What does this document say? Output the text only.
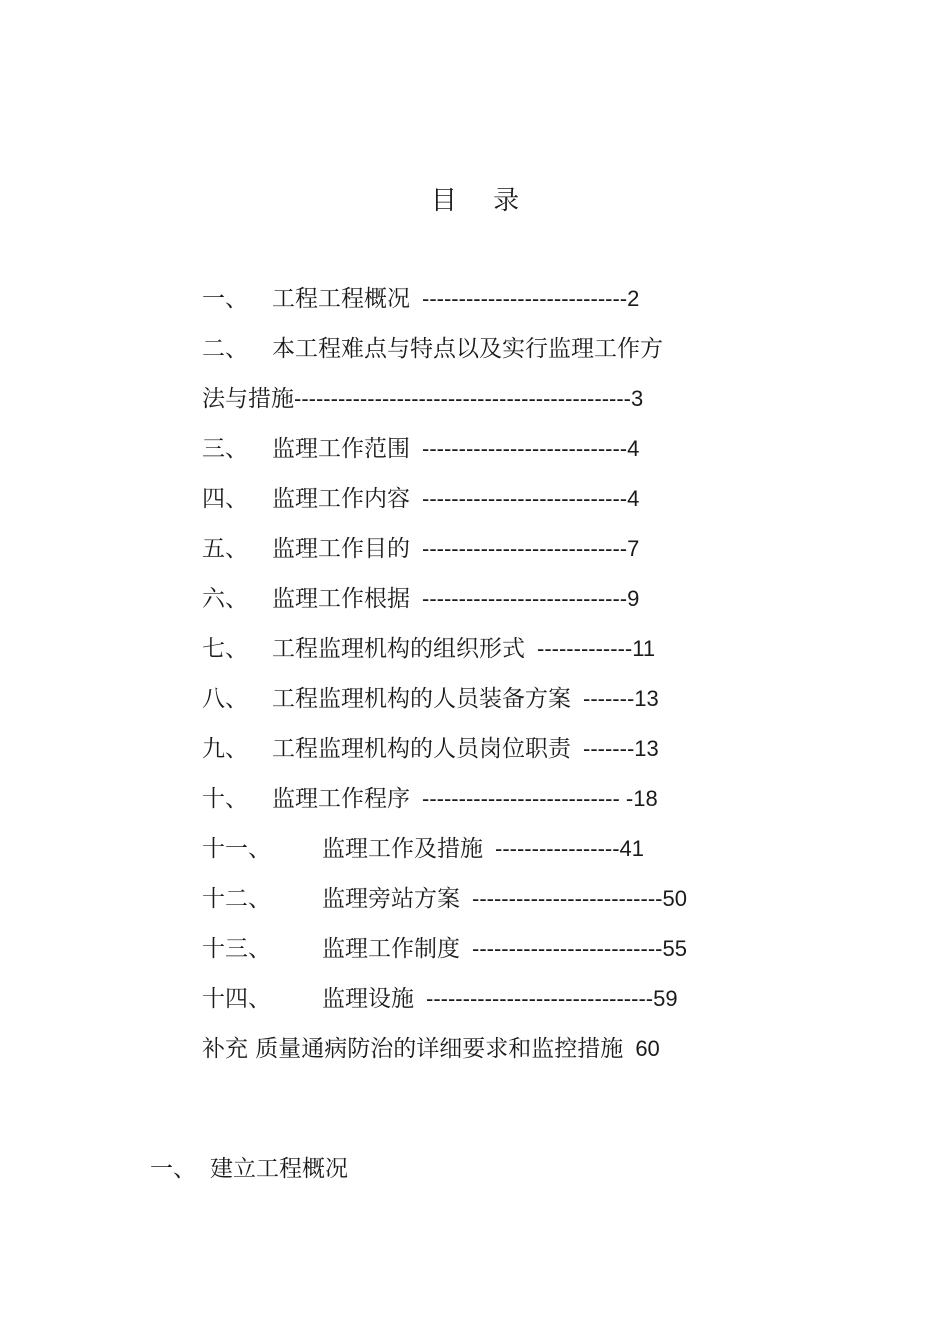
目 录
一、 工程工程概况 ----------------------------2
二、 本工程难点与特点以及实行监理工作方
法与措施----------------------------------------------3
三、 监理工作范围 ----------------------------4
四、 监理工作内容 ----------------------------4
五、 监理工作目的 ----------------------------7
六、 监理工作根据 ----------------------------9
七、 工程监理机构的组织形式 -------------11
八、 工程监理机构的人员装备方案 -------13
九、 工程监理机构的人员岗位职责 -------13
十、 监理工作程序 --------------------------- -18
十一、 监理工作及措施 -----------------41
十二、 监理旁站方案 --------------------------50
十三、 监理工作制度 --------------------------55
十四、 监理设施 -------------------------------59
补充 质量通病防治的详细要求和监控措施 60
一、 建立工程概况
